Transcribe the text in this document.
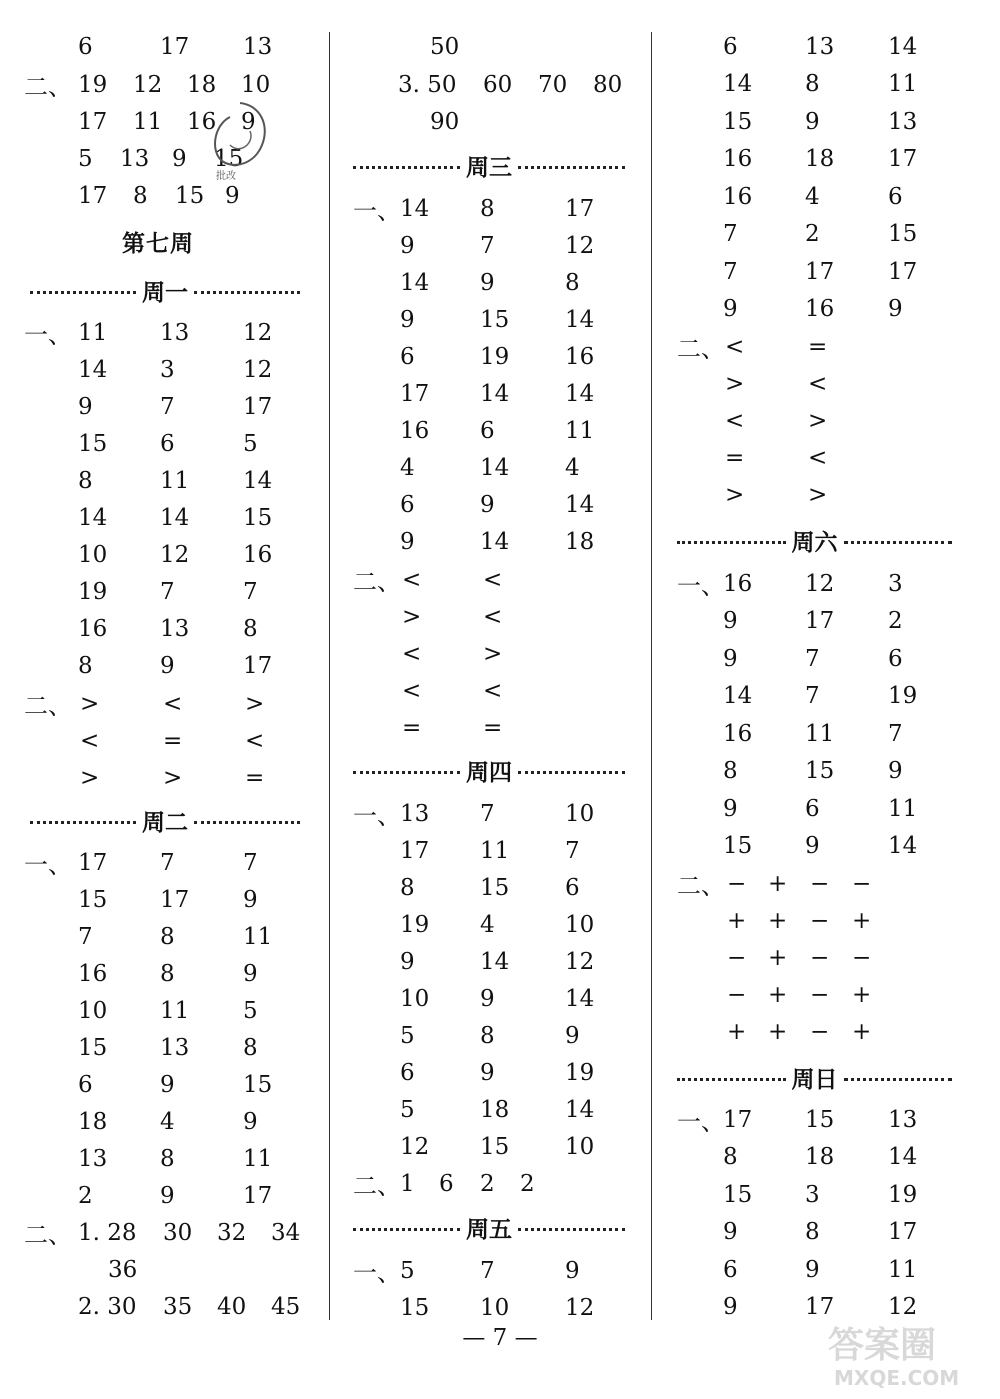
6	17 13
二、 19 12 18 10
17 11 16 9
5 13 9 15
17 8 15 9
第七周
周一
一、 11 13 12
14 3	12
9	7	17
15 6	5
8	11 14
14 14 15
10 12 16
19 7	7
16 13 8
8	9	17
二、 >	<	>
<	=	<
>	>	=
一、 17 7	7
15 17 9
7	8	11
16 8	9
10 11 5
15 13 8
6	9	15
18 4	9
13 8	11
2	9	17
周二
二、 1. 28 30 32 34
36
2. 30 35 40 45
批改
50
3. 50 60 70 80
90
周三
一、 14 8	17
9	7	12
14 9	8
9	15 14
6	19 16
17 14 14
16 6	11
4	14 4
6	9	14
9	14 18
二、 <	<
>	<
<	>
<	<
=	=
周四
一、 13 7	10
17 11 7
8	15 6
19 4	10
9	14 12
10 9	14
5	8	9
6	9	19
5	18 14
12 15 10
二、 1 6 2 2
周五
一、 5	7	9
15 10 12
6	13 14
14 8	11
15 9	13
16 18 17
16 4	6
7	2	15
7	17 17
9	16 9
二、 <	=
>	<
<	>
=	<
>	>
周六
一、
16 12 3
9	17 2
9	7	6
14 7	19
16 11 7
8	15 9
9	6	11
15 9	14
二、 − + − −
+ + − +
− + − −
− + − +
+ + − +
周日
一、
17 15 13
8	18 14
15 3	19
9	8	17
6	9	11
9	17 12
— 7 —	答案圈
MXQE.COM
